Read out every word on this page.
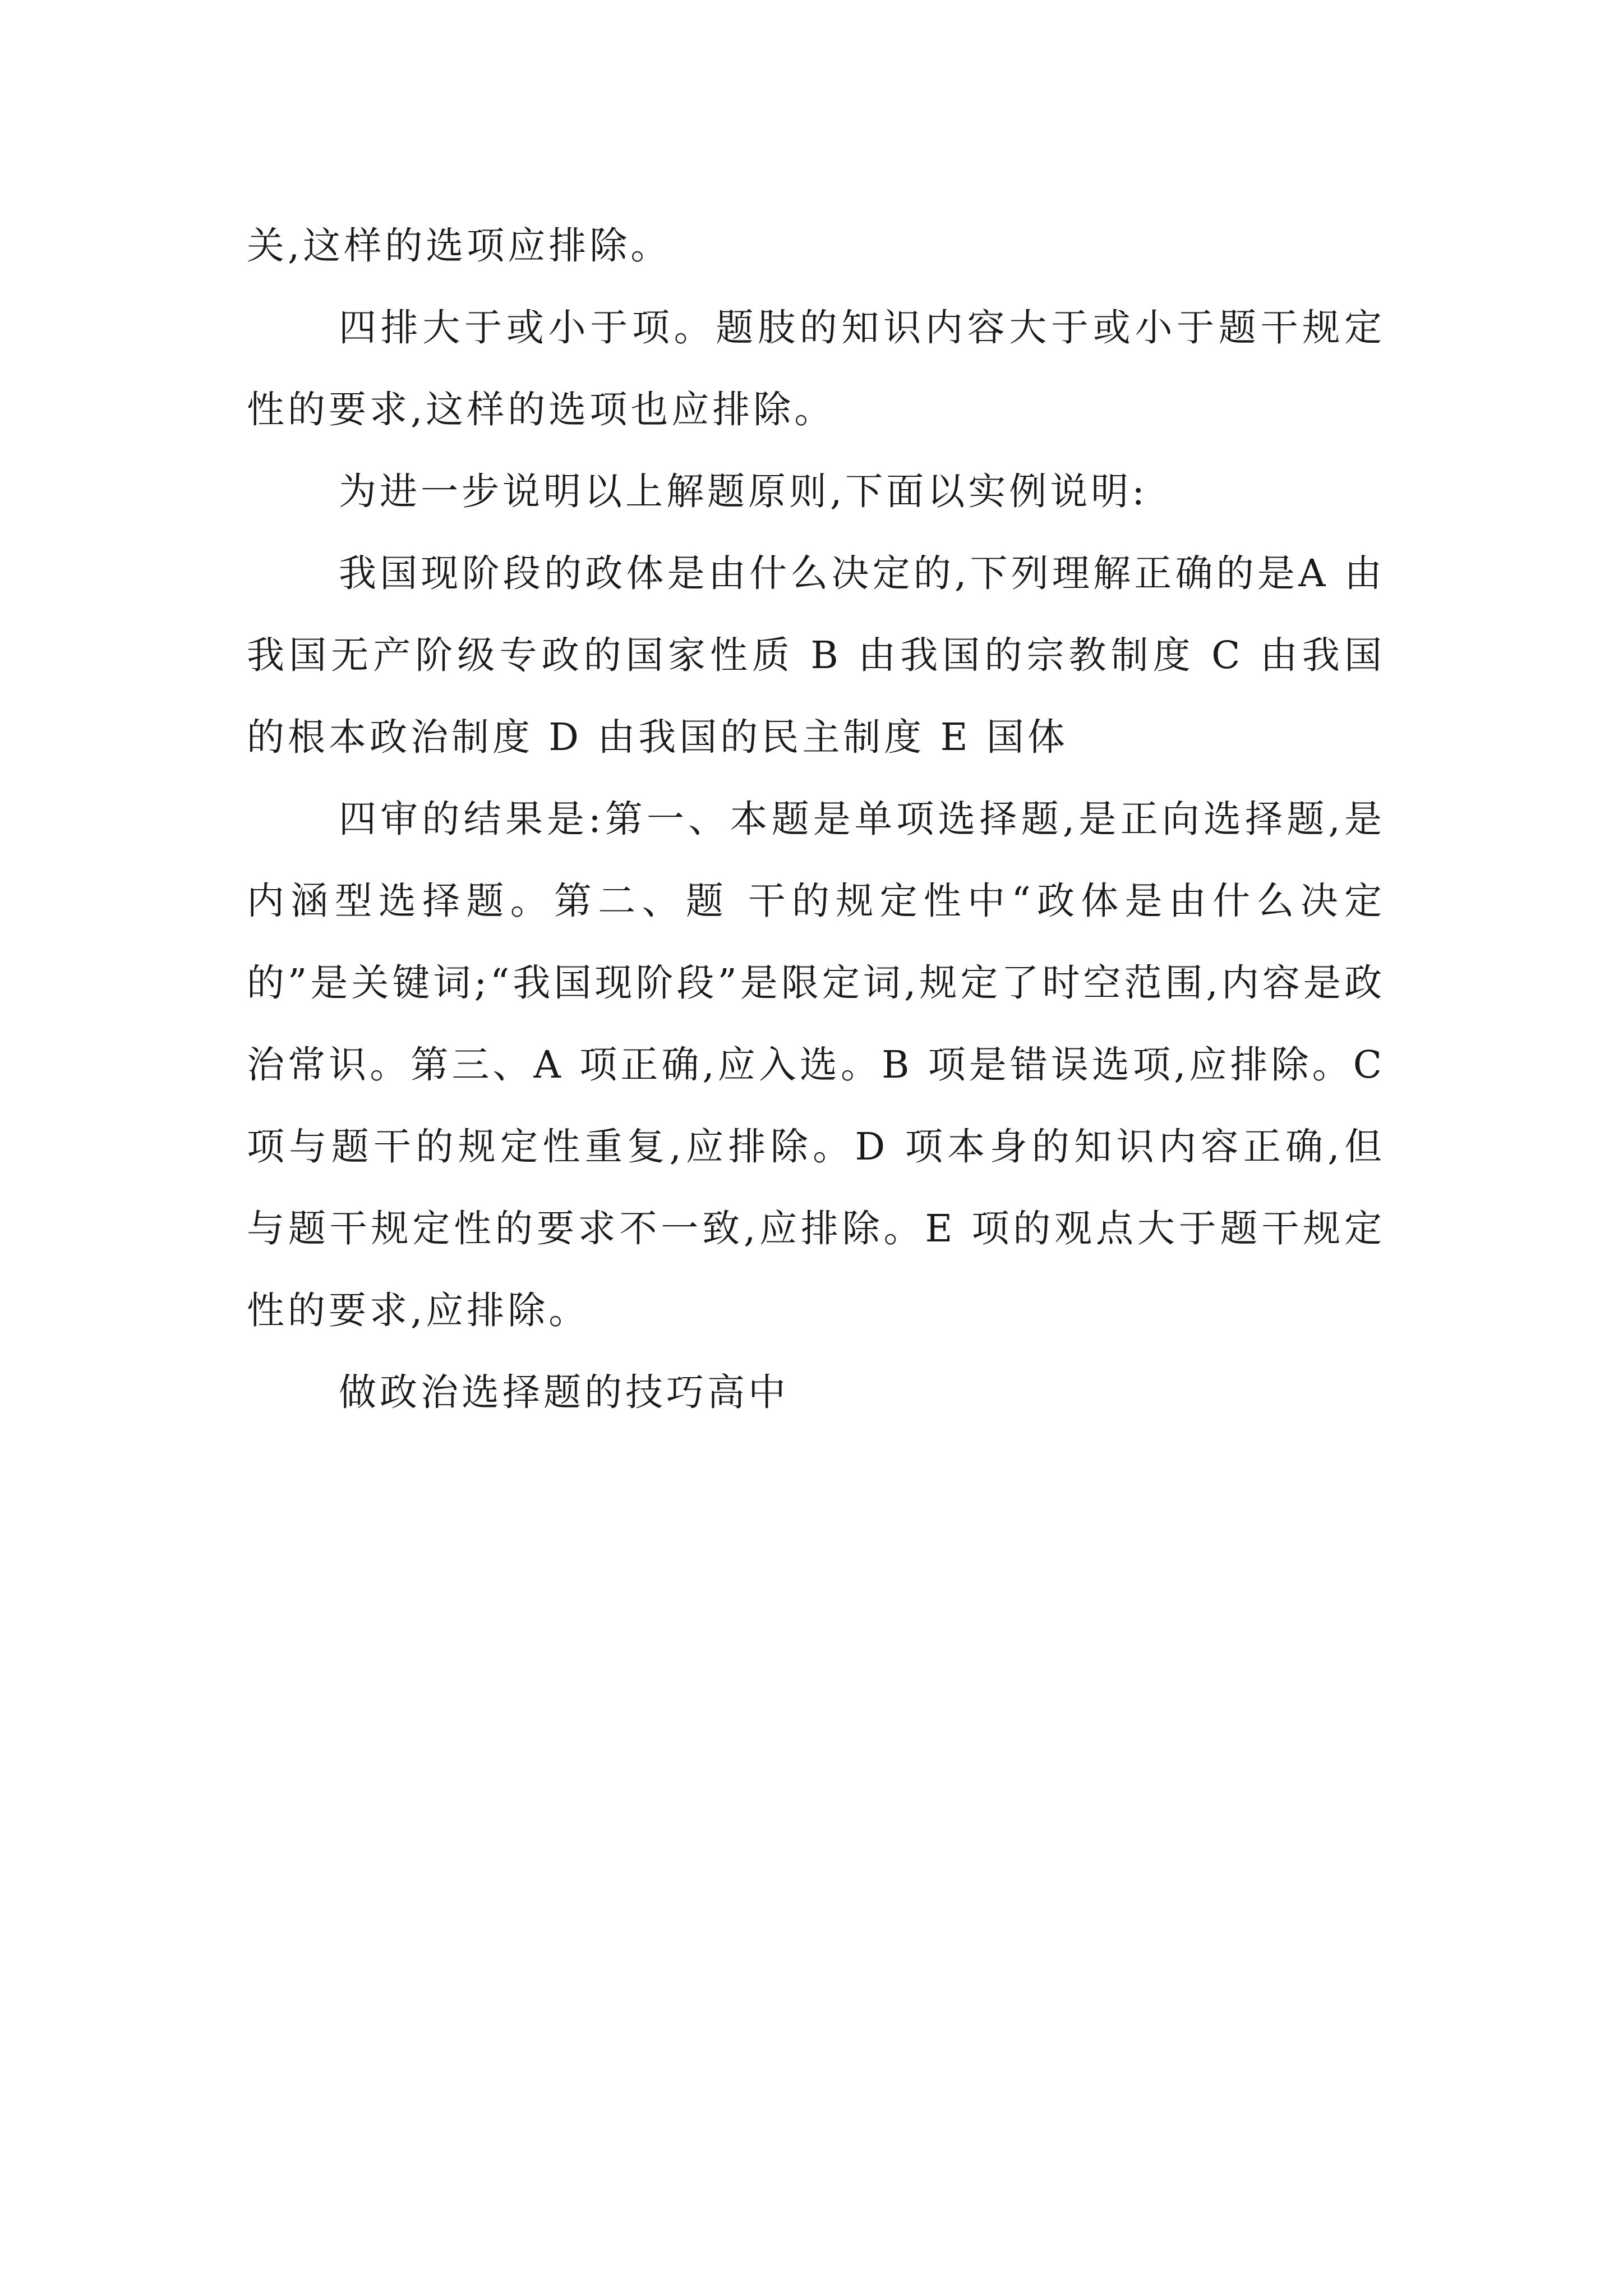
关,这样的选项应排除。

四排大于或小于项。题肢的知识内容大于或小于题干规定性的要求,这样的选项也应排除。

为进一步说明以上解题原则,下面以实例说明:

我国现阶段的政体是由什么决定的,下列理解正确的是A 由我国无产阶级专政的国家性质 B 由我国的宗教制度 C 由我国的根本政治制度 D 由我国的民主制度 E 国体

四审的结果是:第一、本题是单项选择题,是正向选择题,是内涵型选择题。第二、题 干的规定性中“政体是由什么决定的”是关键词;“我国现阶段”是限定词,规定了时空范围,内容是政治常识。第三、A 项正确,应入选。B 项是错误选项,应排除。C 项与题干的规定性重复,应排除。D 项本身的知识内容正确,但与题干规定性的要求不一致,应排除。E 项的观点大于题干规定性的要求,应排除。

做政治选择题的技巧高中
